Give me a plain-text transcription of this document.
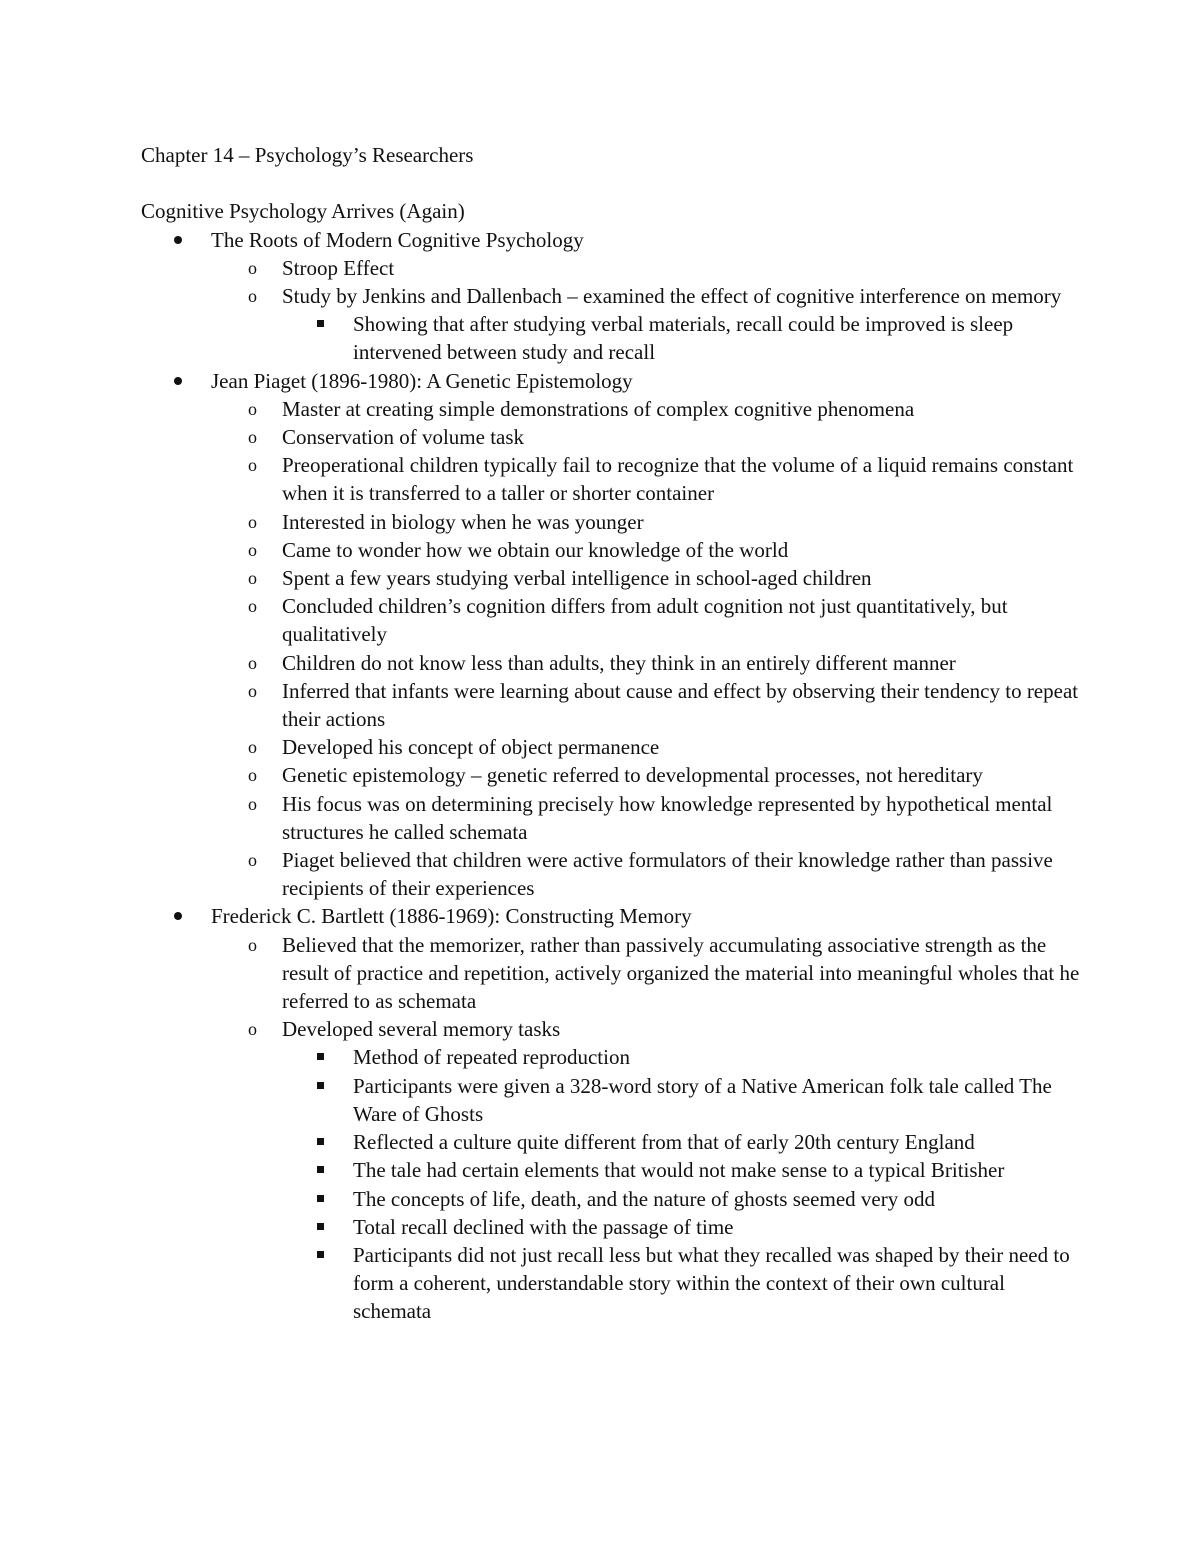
Chapter 14 – Psychology’s Researchers

Cognitive Psychology Arrives (Again)

The Roots of Modern Cognitive Psychology
o Stroop Effect
o Study by Jenkins and Dallenbach – examined the effect of cognitive interference on memory
Showing that after studying verbal materials, recall could be improved is sleep intervened between study and recall
Jean Piaget (1896-1980): A Genetic Epistemology
o Master at creating simple demonstrations of complex cognitive phenomena
o Conservation of volume task
o Preoperational children typically fail to recognize that the volume of a liquid remains constant when it is transferred to a taller or shorter container
o Interested in biology when he was younger
o Came to wonder how we obtain our knowledge of the world
o Spent a few years studying verbal intelligence in school-aged children
o Concluded children’s cognition differs from adult cognition not just quantitatively, but qualitatively
o Children do not know less than adults, they think in an entirely different manner
o Inferred that infants were learning about cause and effect by observing their tendency to repeat their actions
o Developed his concept of object permanence
o Genetic epistemology – genetic referred to developmental processes, not hereditary
o His focus was on determining precisely how knowledge represented by hypothetical mental structures he called schemata
o Piaget believed that children were active formulators of their knowledge rather than passive recipients of their experiences
Frederick C. Bartlett (1886-1969): Constructing Memory
o Believed that the memorizer, rather than passively accumulating associative strength as the result of practice and repetition, actively organized the material into meaningful wholes that he referred to as schemata
o Developed several memory tasks
Method of repeated reproduction
Participants were given a 328-word story of a Native American folk tale called The Ware of Ghosts
Reflected a culture quite different from that of early 20th century England
The tale had certain elements that would not make sense to a typical Britisher
The concepts of life, death, and the nature of ghosts seemed very odd
Total recall declined with the passage of time
Participants did not just recall less but what they recalled was shaped by their need to form a coherent, understandable story within the context of their own cultural schemata
